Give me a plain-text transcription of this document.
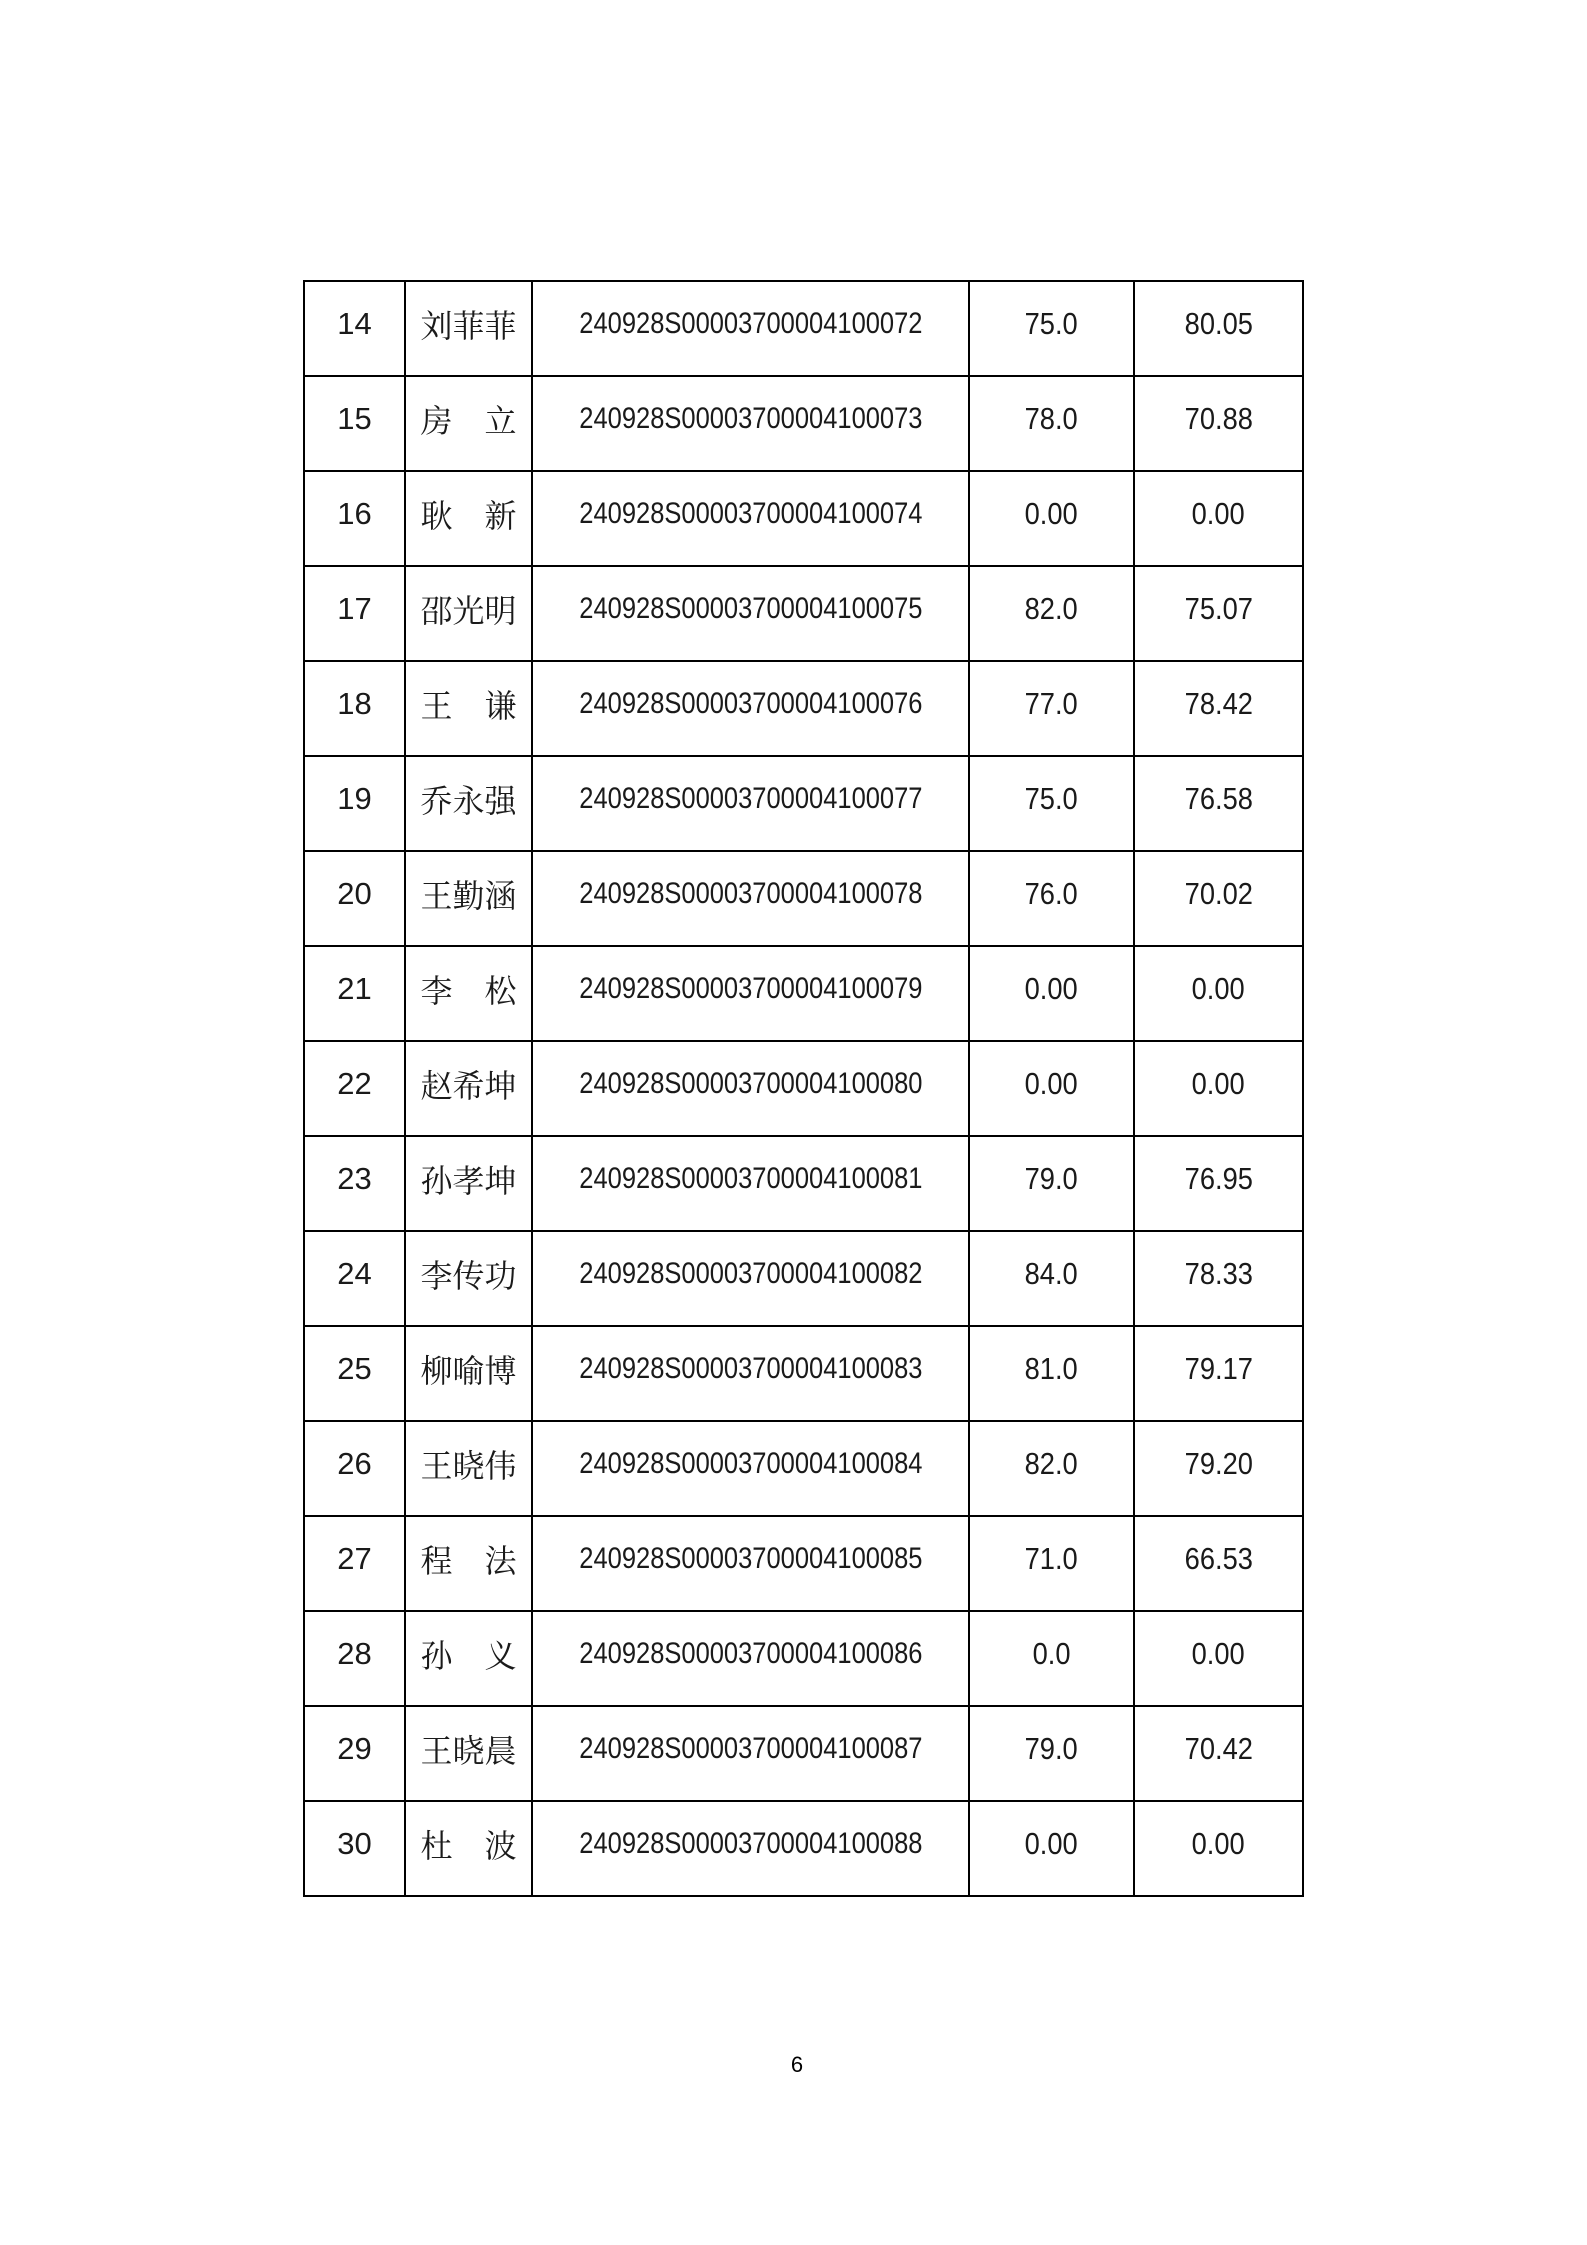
14	刘菲菲	240928S00003700004100072	75.0	80.05
15	房　立	240928S00003700004100073	78.0	70.88
16	耿　新	240928S00003700004100074	0.00	0.00
17	邵光明	240928S00003700004100075	82.0	75.07
18	王　谦	240928S00003700004100076	77.0	78.42
19	乔永强	240928S00003700004100077	75.0	76.58
20	王勤涵	240928S00003700004100078	76.0	70.02
21	李　松	240928S00003700004100079	0.00	0.00
22	赵希坤	240928S00003700004100080	0.00	0.00
23	孙孝坤	240928S00003700004100081	79.0	76.95
24	李传功	240928S00003700004100082	84.0	78.33
25	柳喻博	240928S00003700004100083	81.0	79.17
26	王晓伟	240928S00003700004100084	82.0	79.20
27	程　法	240928S00003700004100085	71.0	66.53
28	孙　义	240928S00003700004100086	0.0	0.00
29	王晓晨	240928S00003700004100087	79.0	70.42
30	杜　波	240928S00003700004100088	0.00	0.00
6
